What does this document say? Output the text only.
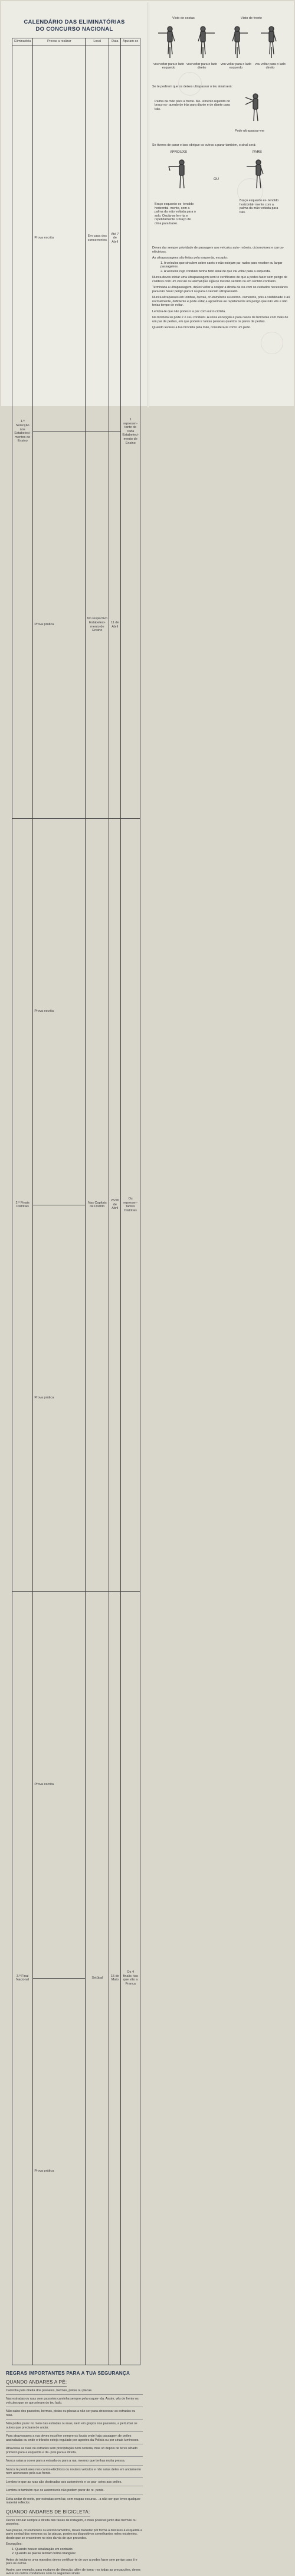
CALENDÁRIO DAS ELIMINATÓRIAS
DO CONCURSO NACIONAL
Eliminatória	Provas a realizar	Local	Data	Apuram-se
1.ª Selecção nos Estabeleci- mentos de Ensino	Prova escrita	Em casa dos concorrentes	Até 7 de Abril	1 represen- tante de cada Estabeleci- mento de Ensino
	Prova prática	No respectivo Estabeleci- mento de Ensino	11 de Abril	
2.ª Finais Distritais	Prova escrita	Nas Capitais de Distrito	25/26 de Abril	Os represen- tantes Distritais
	Prova prática			
3.ª Final Nacional	Prova escrita	Setúbal	15 de Maio	Os 4 finalis- tas que vão a França
	Prova prática			
REGRAS IMPORTANTES PARA A TUA SEGURANÇA
QUANDO ANDARES A PÉ:
Caminha pela direita dos passeios, bermas, pistas ou placas.
Nas estradas ou ruas sem passeios caminha sempre pela esquer- da. Assim, vês de frente os veículos que se aproximam do teu lado.
Não saias dos passeios, bermas, pistas ou placas a não ser para atravessar as estradas ou ruas.
Não podes parar no meio das estradas ou ruas, nem em grupos nos passeios, a perturbar os outros que precisam de andar.
Para atravessares a rua deves escolher sempre os locais onde haja passagem de peões assinaladas ou onde o trânsito esteja regulado por agentes da Polícia ou por sinais luminosos.
Atravessa as ruas ou estradas sem precipitação nem correria, mas só depois de teres olhado primeiro para a esquerda e de- pois para a direita.
Nunca saias a correr para a estrada ou para a rua, mesmo que tenhas muita pressa.
Nunca te penduares nos carros-eléctricos ou noutros veículos e não saias deles em andamento nem atravesses pela sua frente.
Lembra-te que as ruas são destinadas aos automóveis e os pas- seios aos peões.
Lembra-te também que os automóveis não podem parar de re- pente.
Evita andar de noite, por estradas sem luz, com roupas escuras... a não ser que leves qualquer material reflector.
QUANDO ANDARES DE BICICLETA:
Deves circular sempre à direita das faixas de rodagem, o mais possível junto das bermas ou passeios.
Nas praças, cruzamentos ou entroncamentos, deves transitar por forma a deixares à esquerda a parte central dos mesmos ou às placas, postes ou dispositivos semelhantes neles existentes, desde que se encontrem no eixo da via de que procedes.
Excepções:
1. Quando houver sinalização em contrário
2. Quando as placas tenham forma triangular
Antes de iniciares uma manobra deves certificar-te de que a podes fazer sem perigo para ti e para os outros.
Assim, por exemplo, para mudares de direcção, além de toma- res todas as precauções, deves avisar os outros condutores com os seguintes sinais:
Visto de costas	Visto de frente
vou voltar para o lado esquerdo
vou voltar para o lado direito
vou voltar para o lado esquerdo
vou voltar para o lado direito
Se te pedirem que os deixes ultrapassar o teu sinal será:
Palma da mão para a frente. Mo- vimento repetido do braço es- querdo de trás para diante e de diante para trás.
Pode ultrapassar-me
Se tiveres de parar e isso obrigue os outros a parar também, o sinal será:
AFROUXE
OU
PARE
Braço esquerdo es- tendido horizontal- mente, com a palma da mão voltada para o solo. Oscila-se len- ta e repetidamente o braço de cima para baixo.
Braço esquerdo es- tendido horizontal- mente com a palma da mão voltada para trás.
Deves dar sempre prioridade de passagem aos veículos auto- móveis, ciclomotores e carros-eléctricos.
As ultrapassagens são feitas pela esquerda, excepto:
1. A veículos que circulem sobre carris e não estejam pa- rados para receber ou largar passageiros.
2. A veículos cujo condutor tenha feito sinal de que vai voltar para a esquerda.
Nunca deves iniciar uma ultrapassagem sem te certificares de que a podes fazer sem perigo de colidires com um veículo ou animal que siga no mesmo sentido ou em sentido contrário.
Terminada a ultrapassagem, deves voltar a ocupar a direita da via com os cuidados necessários para não haver perigo para ti ou para o veículo ultrapassado.
Nunca ultrapasses em lombas, curvas, cruzamentos ou entron- camentos, pois a visibilidade é ali, normalmente, deficiente e pode estar a aproximar-se rapidamente um perigo que não vês e não terias tempo de evitar.
Lembra-te que não podes ir a par com outro ciclista.
Na bicicleta só pode ir o seu condutor. A única excepção é para casos de bicicletas com mais de um par de pedais, em que podem ir tantas pessoas quantos os pares de pedais.
Quando levares a tua bicicleta pela mão, considera-te como um peão.
